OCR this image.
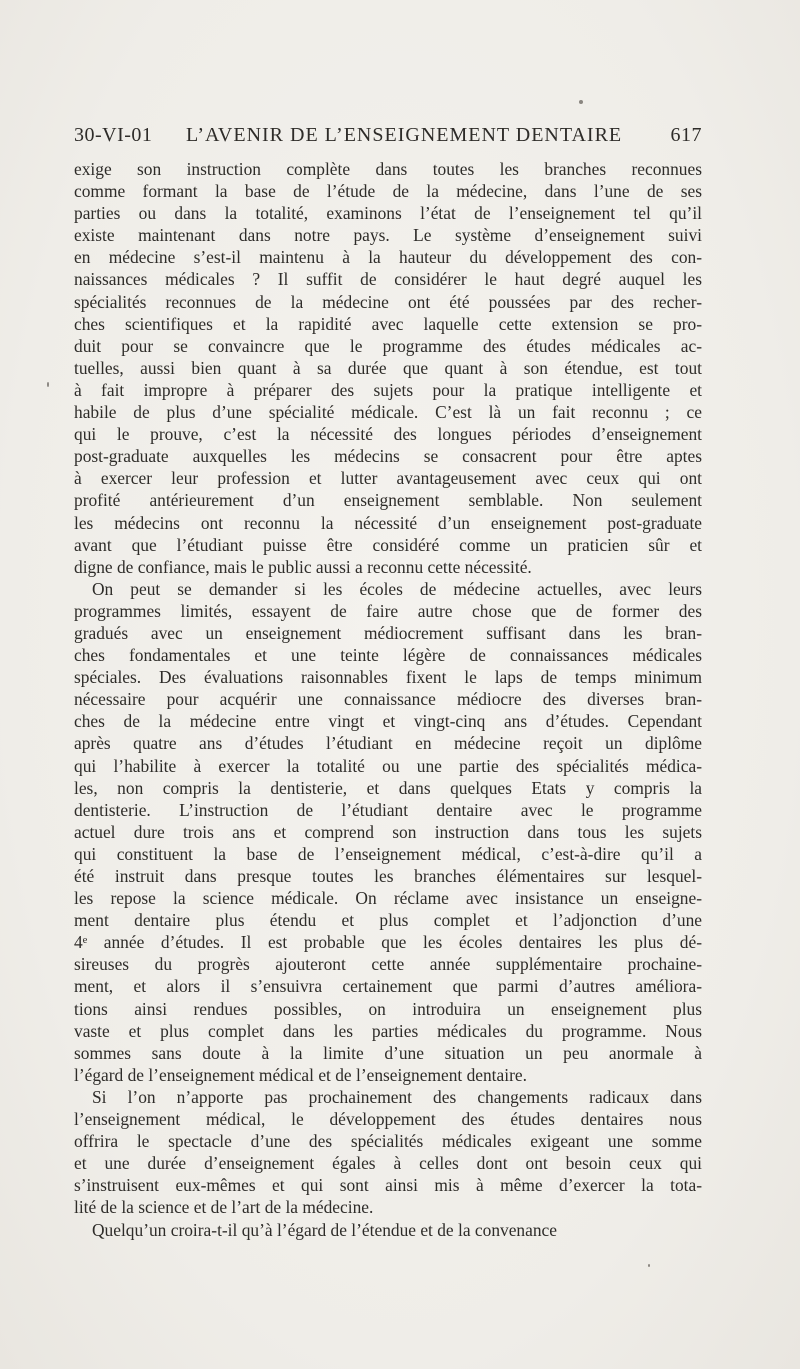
30-VI-01 L’AVENIR DE L’ENSEIGNEMENT DENTAIRE 617
exige son instruction complète dans toutes les branches reconnues
comme formant la base de l’étude de la médecine, dans l’une de ses
parties ou dans la totalité, examinons l’état de l’enseignement tel qu’il
existe maintenant dans notre pays. Le système d’enseignement suivi
en médecine s’est-il maintenu à la hauteur du développement des con-
naissances médicales ? Il suffit de considérer le haut degré auquel les
spécialités reconnues de la médecine ont été poussées par des recher-
ches scientifiques et la rapidité avec laquelle cette extension se pro-
duit pour se convaincre que le programme des études médicales ac-
tuelles, aussi bien quant à sa durée que quant à son étendue, est tout
à fait impropre à préparer des sujets pour la pratique intelligente et
habile de plus d’une spécialité médicale. C’est là un fait reconnu ; ce
qui le prouve, c’est la nécessité des longues périodes d’enseignement
post-graduate auxquelles les médecins se consacrent pour être aptes
à exercer leur profession et lutter avantageusement avec ceux qui ont
profité antérieurement d’un enseignement semblable. Non seulement
les médecins ont reconnu la nécessité d’un enseignement post-graduate
avant que l’étudiant puisse être considéré comme un praticien sûr et
digne de confiance, mais le public aussi a reconnu cette nécessité.
On peut se demander si les écoles de médecine actuelles, avec leurs
programmes limités, essayent de faire autre chose que de former des
gradués avec un enseignement médiocrement suffisant dans les bran-
ches fondamentales et une teinte légère de connaissances médicales
spéciales. Des évaluations raisonnables fixent le laps de temps minimum
nécessaire pour acquérir une connaissance médiocre des diverses bran-
ches de la médecine entre vingt et vingt-cinq ans d’études. Cependant
après quatre ans d’études l’étudiant en médecine reçoit un diplôme
qui l’habilite à exercer la totalité ou une partie des spécialités médica-
les, non compris la dentisterie, et dans quelques Etats y compris la
dentisterie. L’instruction de l’étudiant dentaire avec le programme
actuel dure trois ans et comprend son instruction dans tous les sujets
qui constituent la base de l’enseignement médical, c’est-à-dire qu’il a
été instruit dans presque toutes les branches élémentaires sur lesquel-
les repose la science médicale. On réclame avec insistance un enseigne-
ment dentaire plus étendu et plus complet et l’adjonction d’une
4ᵉ année d’études. Il est probable que les écoles dentaires les plus dé-
sireuses du progrès ajouteront cette année supplémentaire prochaine-
ment, et alors il s’ensuivra certainement que parmi d’autres améliora-
tions ainsi rendues possibles, on introduira un enseignement plus
vaste et plus complet dans les parties médicales du programme. Nous
sommes sans doute à la limite d’une situation un peu anormale à
l’égard de l’enseignement médical et de l’enseignement dentaire.
Si l’on n’apporte pas prochainement des changements radicaux dans
l’enseignement médical, le développement des études dentaires nous
offrira le spectacle d’une des spécialités médicales exigeant une somme
et une durée d’enseignement égales à celles dont ont besoin ceux qui
s’instruisent eux-mêmes et qui sont ainsi mis à même d’exercer la tota-
lité de la science et de l’art de la médecine.
Quelqu’un croira-t-il qu’à l’égard de l’étendue et de la convenance
